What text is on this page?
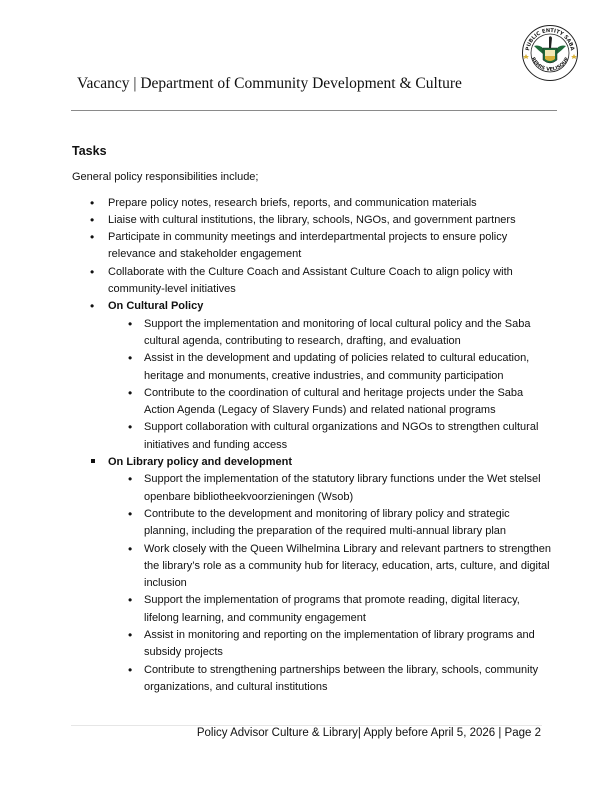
PUBLIC ENTITY SABA
REMIS VELISQUE
Vacancy | Department of Community Development & Culture
Tasks
General policy responsibilities include;
•
Prepare policy notes, research briefs, reports, and communication materials
•
Liaise with cultural institutions, the library, schools, NGOs, and government partners
•
Participate in community meetings and interdepartmental projects to ensure policy relevance and stakeholder engagement
•
Collaborate with the Culture Coach and Assistant Culture Coach to align policy with community-level initiatives
•
On Cultural Policy
•
Support the implementation and monitoring of local cultural policy and the Saba cultural agenda, contributing to research, drafting, and evaluation
•
Assist in the development and updating of policies related to cultural education, heritage and monuments, creative industries, and community participation
•
Contribute to the coordination of cultural and heritage projects under the Saba Action Agenda (Legacy of Slavery Funds) and related national programs
•
Support collaboration with cultural organizations and NGOs to strengthen cultural initiatives and funding access
On Library policy and development
•
Support the implementation of the statutory library functions under the Wet stelsel openbare bibliotheekvoorzieningen (Wsob)
•
Contribute to the development and monitoring of library policy and strategic planning, including the preparation of the required multi-annual library plan
•
Work closely with the Queen Wilhelmina Library and relevant partners to strengthen the library’s role as a community hub for literacy, education, arts, culture, and digital inclusion
•
Support the implementation of programs that promote reading, digital literacy, lifelong learning, and community engagement
•
Assist in monitoring and reporting on the implementation of library programs and subsidy projects
•
Contribute to strengthening partnerships between the library, schools, community organizations, and cultural institutions
Policy Advisor Culture & Library| Apply before April 5, 2026 | Page 2
